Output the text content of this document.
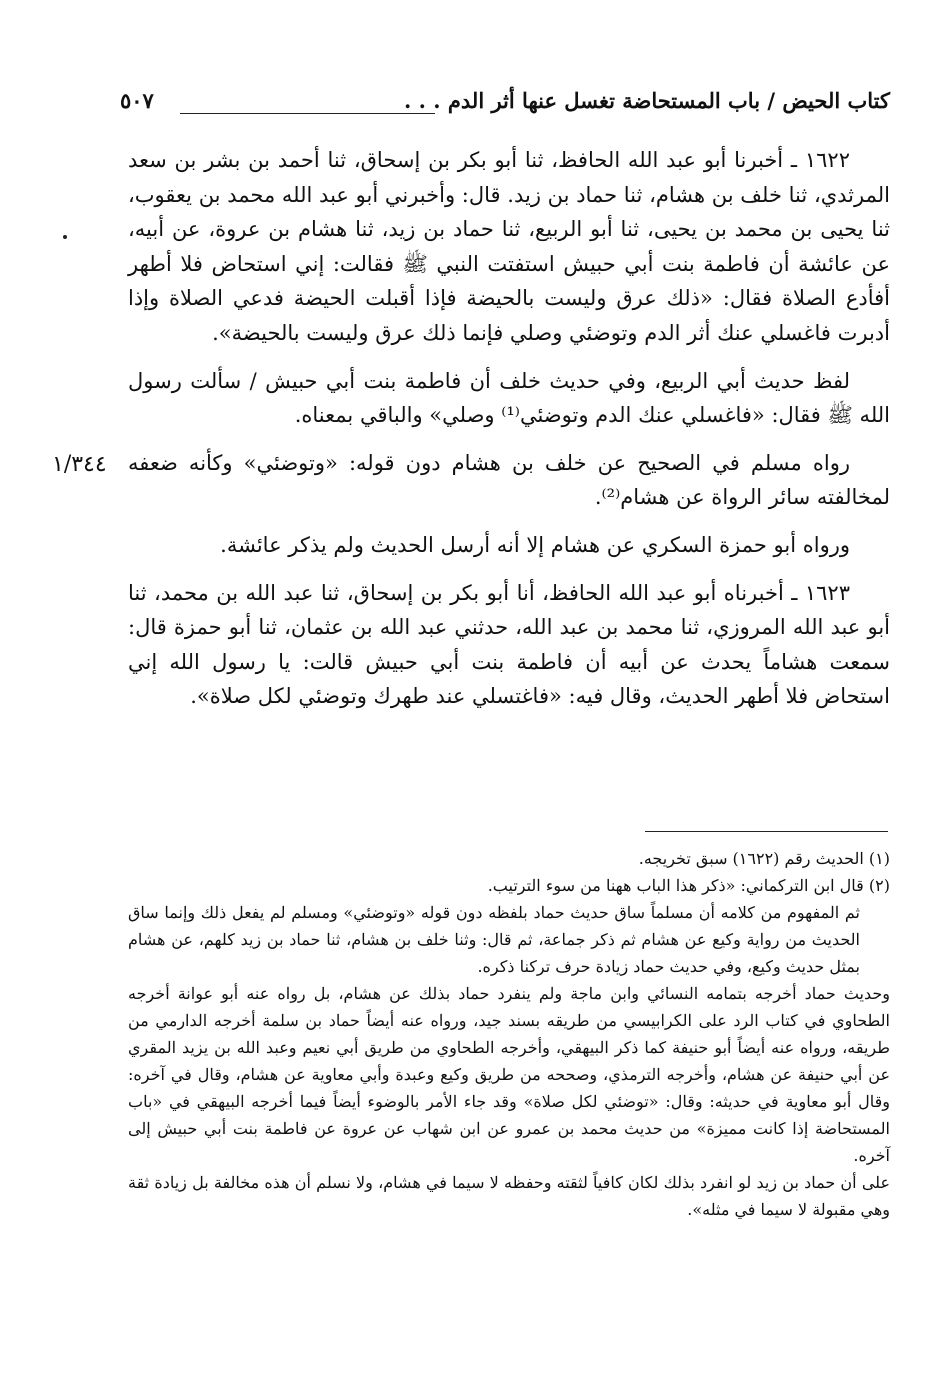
كتاب الحيض / باب المستحاضة تغسل عنها أثر الدم . . .
٥٠٧
١/٣٤٤

١٦٢٢ ـ أخبرنا أبو عبد الله الحافظ، ثنا أبو بكر بن إسحاق، ثنا أحمد بن بشر بن سعد المرثدي، ثنا خلف بن هشام، ثنا حماد بن زيد. قال: وأخبرني أبو عبد الله محمد بن يعقوب، ثنا يحيى بن محمد بن يحيى، ثنا أبو الربيع، ثنا حماد بن زيد، ثنا هشام بن عروة، عن أبيه، عن عائشة أن فاطمة بنت أبي حبيش استفتت النبي ﷺ فقالت: إني استحاض فلا أطهر أفأدع الصلاة فقال: «ذلك عرق وليست بالحيضة فإذا أقبلت الحيضة فدعي الصلاة وإذا أدبرت فاغسلي عنك أثر الدم وتوضئي وصلي فإنما ذلك عرق وليست بالحيضة».

لفظ حديث أبي الربيع، وفي حديث خلف أن فاطمة بنت أبي حبيش / سألت رسول الله ﷺ فقال: «فاغسلي عنك الدم وتوضئي⁽¹⁾ وصلي» والباقي بمعناه.

رواه مسلم في الصحيح عن خلف بن هشام دون قوله: «وتوضئي» وكأنه ضعفه لمخالفته سائر الرواة عن هشام⁽²⁾.

ورواه أبو حمزة السكري عن هشام إلا أنه أرسل الحديث ولم يذكر عائشة.

١٦٢٣ ـ أخبرناه أبو عبد الله الحافظ، أنا أبو بكر بن إسحاق، ثنا عبد الله بن محمد، ثنا أبو عبد الله المروزي، ثنا محمد بن عبد الله، حدثني عبد الله بن عثمان، ثنا أبو حمزة قال: سمعت هشاماً يحدث عن أبيه أن فاطمة بنت أبي حبيش قالت: يا رسول الله إني استحاض فلا أطهر الحديث، وقال فيه: «فاغتسلي عند طهرك وتوضئي لكل صلاة».

(١) الحديث رقم (١٦٢٢) سبق تخريجه.

(٢) قال ابن التركماني: «ذكر هذا الباب ههنا من سوء الترتيب.

ثم المفهوم من كلامه أن مسلماً ساق حديث حماد بلفظه دون قوله «وتوضئي» ومسلم لم يفعل ذلك وإنما ساق الحديث من رواية وكيع عن هشام ثم ذكر جماعة، ثم قال: وثنا خلف بن هشام، ثنا حماد بن زيد كلهم، عن هشام بمثل حديث وكيع، وفي حديث حماد زيادة حرف تركنا ذكره.

وحديث حماد أخرجه بتمامه النسائي وابن ماجة ولم ينفرد حماد بذلك عن هشام، بل رواه عنه أبو عوانة أخرجه الطحاوي في كتاب الرد على الكرابيسي من طريقه بسند جيد، ورواه عنه أيضاً حماد بن سلمة أخرجه الدارمي من طريقه، ورواه عنه أيضاً أبو حنيفة كما ذكر البيهقي، وأخرجه الطحاوي من طريق أبي نعيم وعبد الله بن يزيد المقري عن أبي حنيفة عن هشام، وأخرجه الترمذي، وصححه من طريق وكيع وعبدة وأبي معاوية عن هشام، وقال في آخره: وقال أبو معاوية في حديثه: وقال: «توضئي لكل صلاة» وقد جاء الأمر بالوضوء أيضاً فيما أخرجه البيهقي في «باب المستحاضة إذا كانت مميزة» من حديث محمد بن عمرو عن ابن شهاب عن عروة عن فاطمة بنت أبي حبيش إلى آخره.

على أن حماد بن زيد لو انفرد بذلك لكان كافياً لثقته وحفظه لا سيما في هشام، ولا نسلم أن هذه مخالفة بل زيادة ثقة وهي مقبولة لا سيما في مثله».
